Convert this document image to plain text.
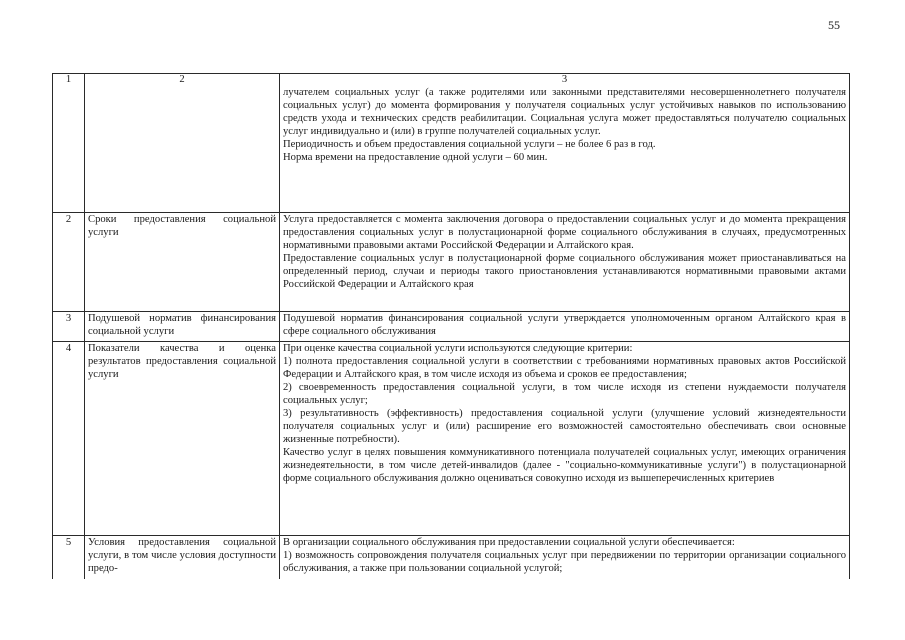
55
1	2	3

		лучателем социальных услуг (а также родителями или законными представителями несовершеннолетнего получателя социальных услуг) до момента формирования у получателя социальных услуг устойчивых навыков по использованию средств ухода и технических средств реабилитации. Социальная услуга может предоставляться получателю социальных услуг индивидуально и (или) в группе получателей социальных услуг.

Периодичность и объем предоставления социальной услуги – не более 6 раз в год.

Норма времени на предоставление одной услуги – 60 мин.

2	Сроки предоставления социальной услуги	Услуга предоставляется с момента заключения договора о предоставлении социальных услуг и до момента прекращения предоставления социальных услуг в полустационарной форме социального обслуживания в случаях, предусмотренных нормативными правовыми актами Российской Федерации и Алтайского края.

Предоставление социальных услуг в полустационарной форме социального обслуживания может приостанавливаться на определенный период, случаи и периоды такого приостановления устанавливаются нормативными правовыми актами Российской Федерации и Алтайского края

3	Подушевой норматив финансирования социальной услуги	Подушевой норматив финансирования социальной услуги утверждается уполномоченным органом Алтайского края в сфере социального обслуживания

4	Показатели качества и оценка результатов предоставления социальной услуги	При оценке качества социальной услуги используются следующие критерии:

1) полнота предоставления социальной услуги в соответствии с требованиями нормативных правовых актов Российской Федерации и Алтайского края, в том числе исходя из объема и сроков ее предоставления;

2) своевременность предоставления социальной услуги, в том числе исходя из степени нуждаемости получателя социальных услуг;

3) результативность (эффективность) предоставления социальной услуги (улучшение условий жизнедеятельности получателя социальных услуг и (или) расширение его возможностей самостоятельно обеспечивать свои основные жизненные потребности).

Качество услуг в целях повышения коммуникативного потенциала получателей социальных услуг, имеющих ограничения жизнедеятельности, в том числе детей-инвалидов (далее - "социально-коммуникативные услуги") в полустационарной форме социального обслуживания должно оцениваться совокупно исходя из вышеперечисленных критериев

5	Условия предоставления социальной услуги, в том числе условия доступности предо-	В организации социального обслуживания при предоставлении социальной услуги обеспечивается:

1) возможность сопровождения получателя социальных услуг при передвижении по территории организации социального обслуживания, а также при пользовании социальной услугой;
